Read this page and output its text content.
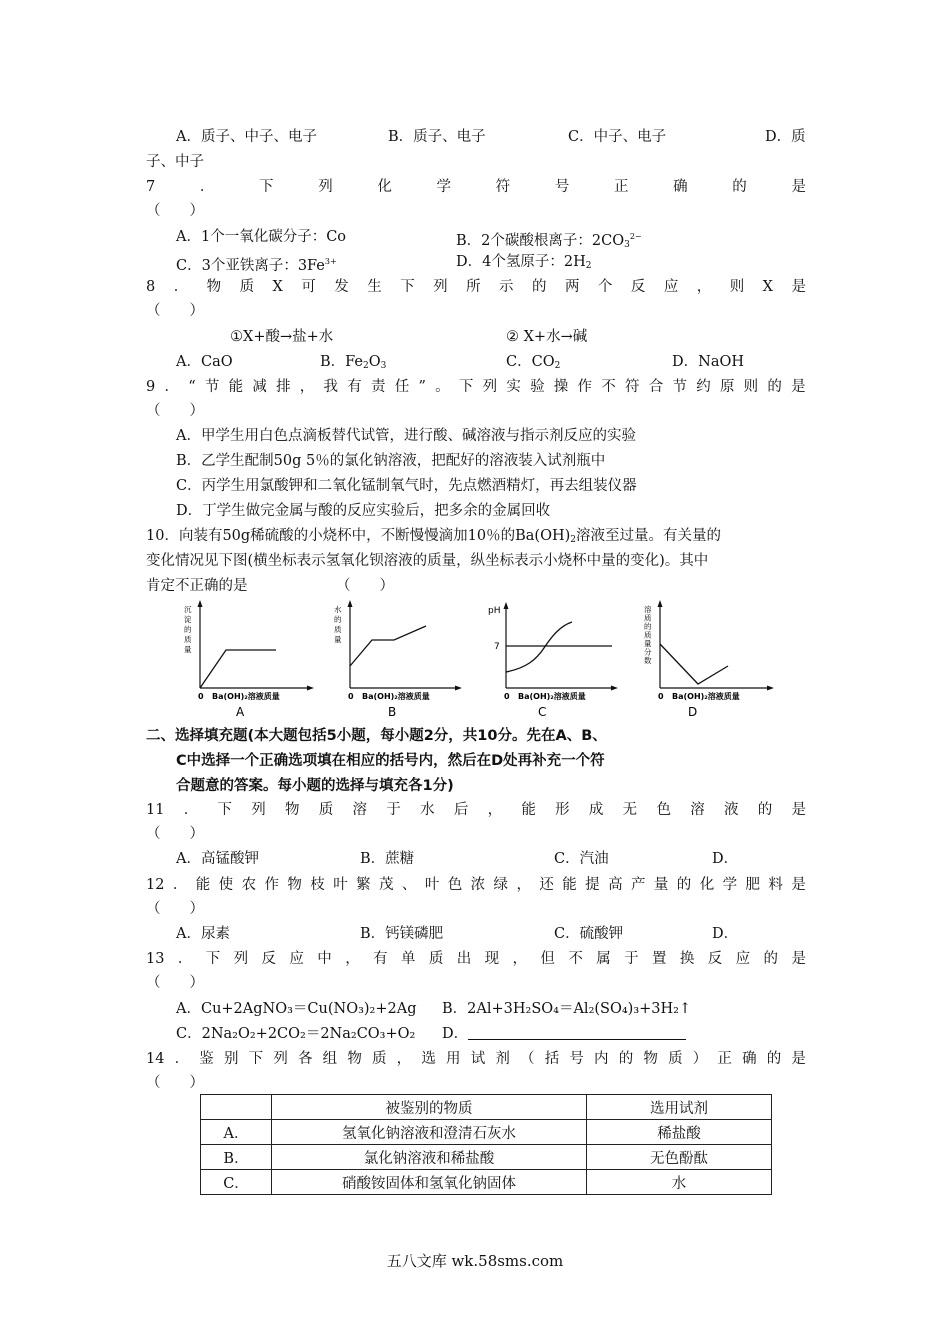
A．质子、中子、电子	B．质子、电子	C．中子、电子	D．质
子、中子
7	．	下	列	化	学	符	号	正	确	的	是
（　　）
A．1个一氧化碳分子：Co	B．2个碳酸根离子：$2CO_3^{2-}$
C．3个亚铁离子：$3Fe^{3+}$	D．4个氢原子：$2H_2$
8 ． 物 质 X 可 发 生 下 列 所 示 的 两 个 反 应 ， 则 X 是
（　　）
①X+酸→盐+水	② X+水→碱
A．CaO	B．$Fe_2O_3$	C．$CO_2$	D．NaOH
9 ． “ 节 能 减 排 ， 我 有 责 任 ” 。 下 列 实 验 操 作 不 符 合 节 约 原 则 的 是
（　　）
A．甲学生用白色点滴板替代试管，进行酸、碱溶液与指示剂反应的实验
B．乙学生配制50g 5％的氯化钠溶液，把配好的溶液装入试剂瓶中
C．丙学生用氯酸钾和二氧化锰制氧气时，先点燃酒精灯，再去组装仪器
D．丁学生做完金属与酸的反应实验后，把多余的金属回收
10．向装有50g稀硫酸的小烧杯中，不断慢慢滴加10％的$Ba(OH)_2$溶液至过量。有关量的
变化情况见下图(横坐标表示氢氧化钡溶液的质量，纵坐标表示小烧杯中量的变化)。其中
肯定不正确的是	（　　）
沉
淀
的
质
量
0 Ba(OH)₂溶液质量
A
水
的
质
量
0 Ba(OH)₂溶液质量
B
pH
7
0 Ba(OH)₂溶液质量
C
溶
质
的
质
量
分
数
0 Ba(OH)₂溶液质量
D
二、选择填充题(本大题包括5小题，每小题2分，共10分。先在A、B、
C中选择一个正确选项填在相应的括号内，然后在D处再补充一个符
合题意的答案。每小题的选择与填充各1分)
11 ． 下 列 物 质 溶 于 水 后 ， 能 形 成 无 色 溶 液 的 是
（　　）
A．高锰酸钾	B．蔗糖	C．汽油	D．
12 ． 能 使 农 作 物 枝 叶 繁 茂 、 叶 色 浓 绿 ， 还 能 提 高 产 量 的 化 学 肥 料 是
（　　）
A．尿素	B．钙镁磷肥	C．硫酸钾	D．
13 ． 下 列 反 应 中 ， 有 单 质 出 现 ， 但 不 属 于 置 换 反 应 的 是
（　　）
A．Cu+2AgNO₃＝Cu(NO₃)₂+2Ag B．2Al+3H₂SO₄＝Al₂(SO₄)₃+3H₂↑
C．2Na₂O₂+2CO₂＝2Na₂CO₃+O₂ D．
14 ． 鉴 别 下 列 各 组 物 质 ， 选 用 试 剂 （ 括 号 内 的 物 质 ） 正 确 的 是
（　　）
	被鉴别的物质	选用试剂
A．	氢氧化钠溶液和澄清石灰水	稀盐酸
B．	氯化钠溶液和稀盐酸	无色酚酞
C．	硝酸铵固体和氢氧化钠固体	水
五八文库 wk.58sms.com
